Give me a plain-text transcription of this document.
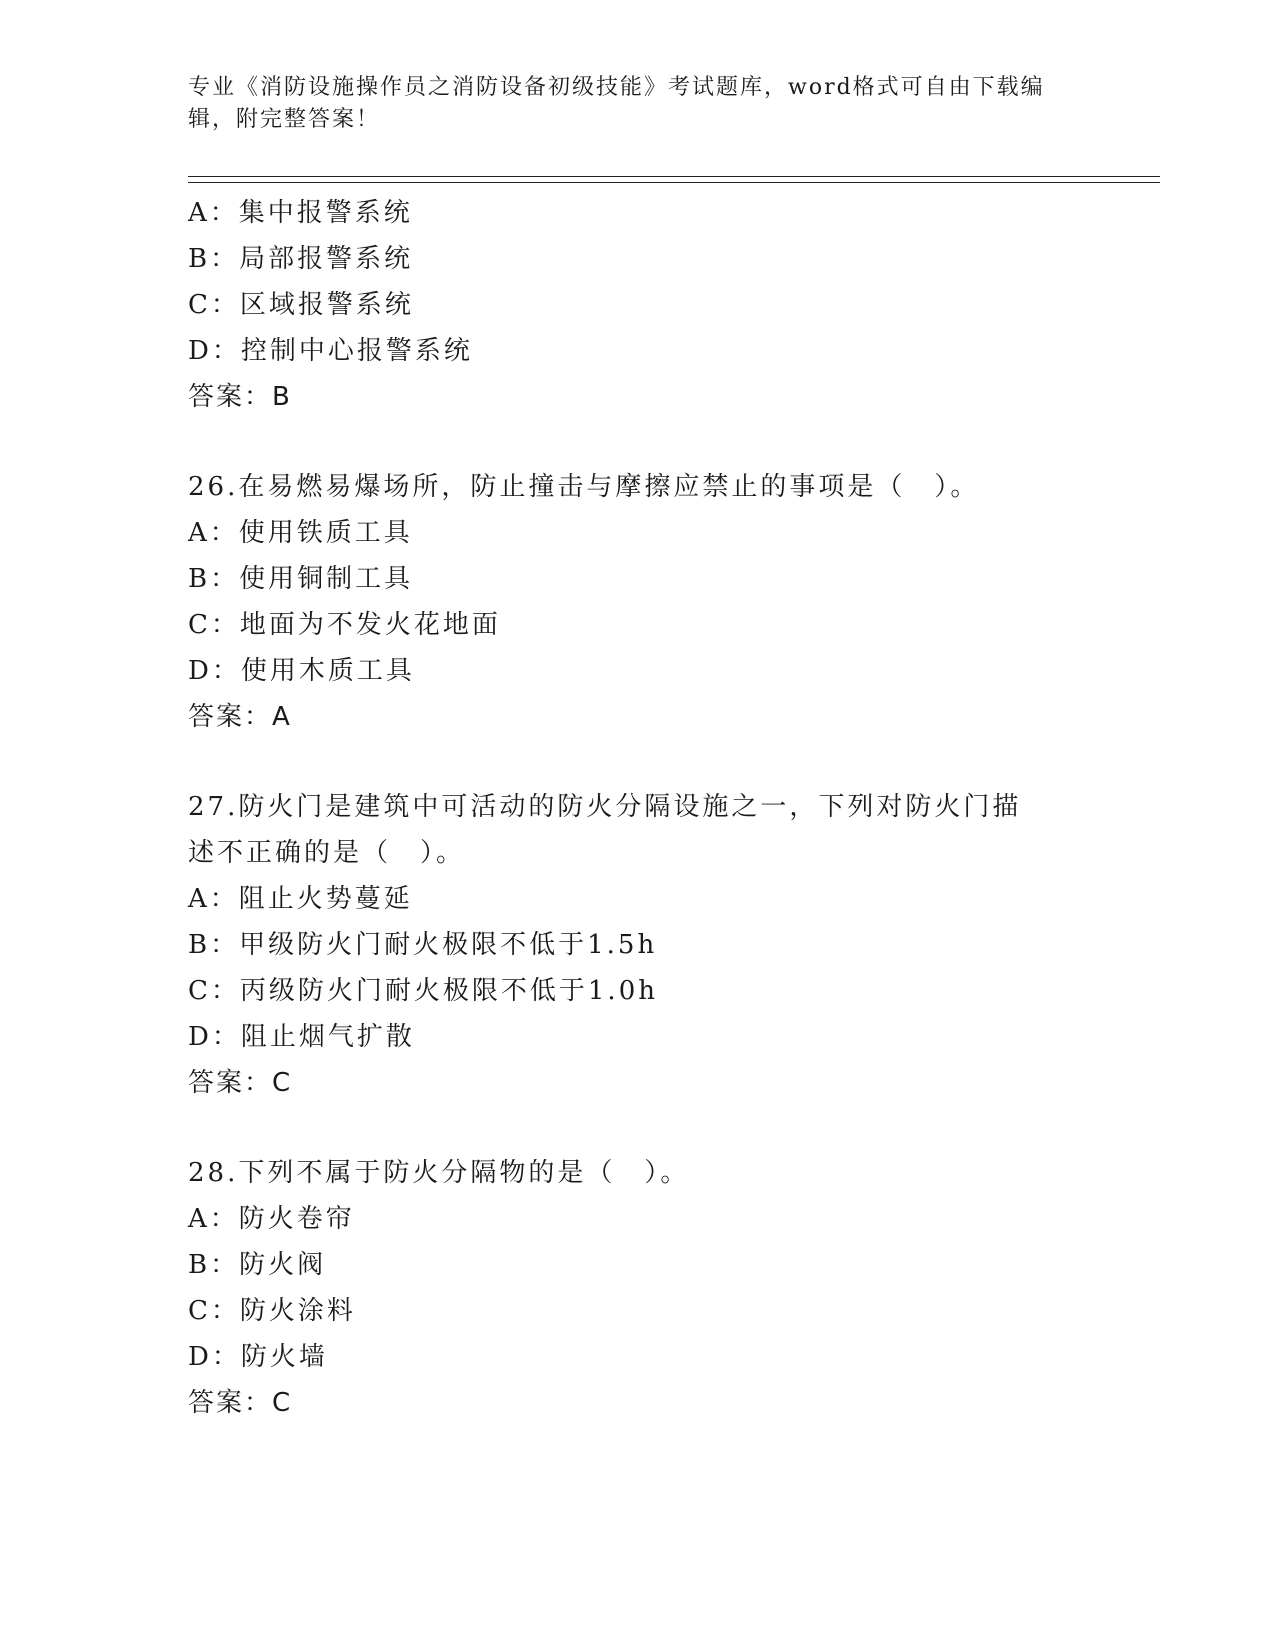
专业《消防设施操作员之消防设备初级技能》考试题库，word格式可自由下载编辑，附完整答案！
A：集中报警系统
B：局部报警系统
C：区域报警系统
D：控制中心报警系统
答案：B
26.在易燃易爆场所，防止撞击与摩擦应禁止的事项是（　）。
A：使用铁质工具
B：使用铜制工具
C：地面为不发火花地面
D：使用木质工具
答案：A
27.防火门是建筑中可活动的防火分隔设施之一，下列对防火门描述不正确的是（　）。
A：阻止火势蔓延
B：甲级防火门耐火极限不低于1.5h
C：丙级防火门耐火极限不低于1.0h
D：阻止烟气扩散
答案：C
28.下列不属于防火分隔物的是（　）。
A：防火卷帘
B：防火阀
C：防火涂料
D：防火墙
答案：C
